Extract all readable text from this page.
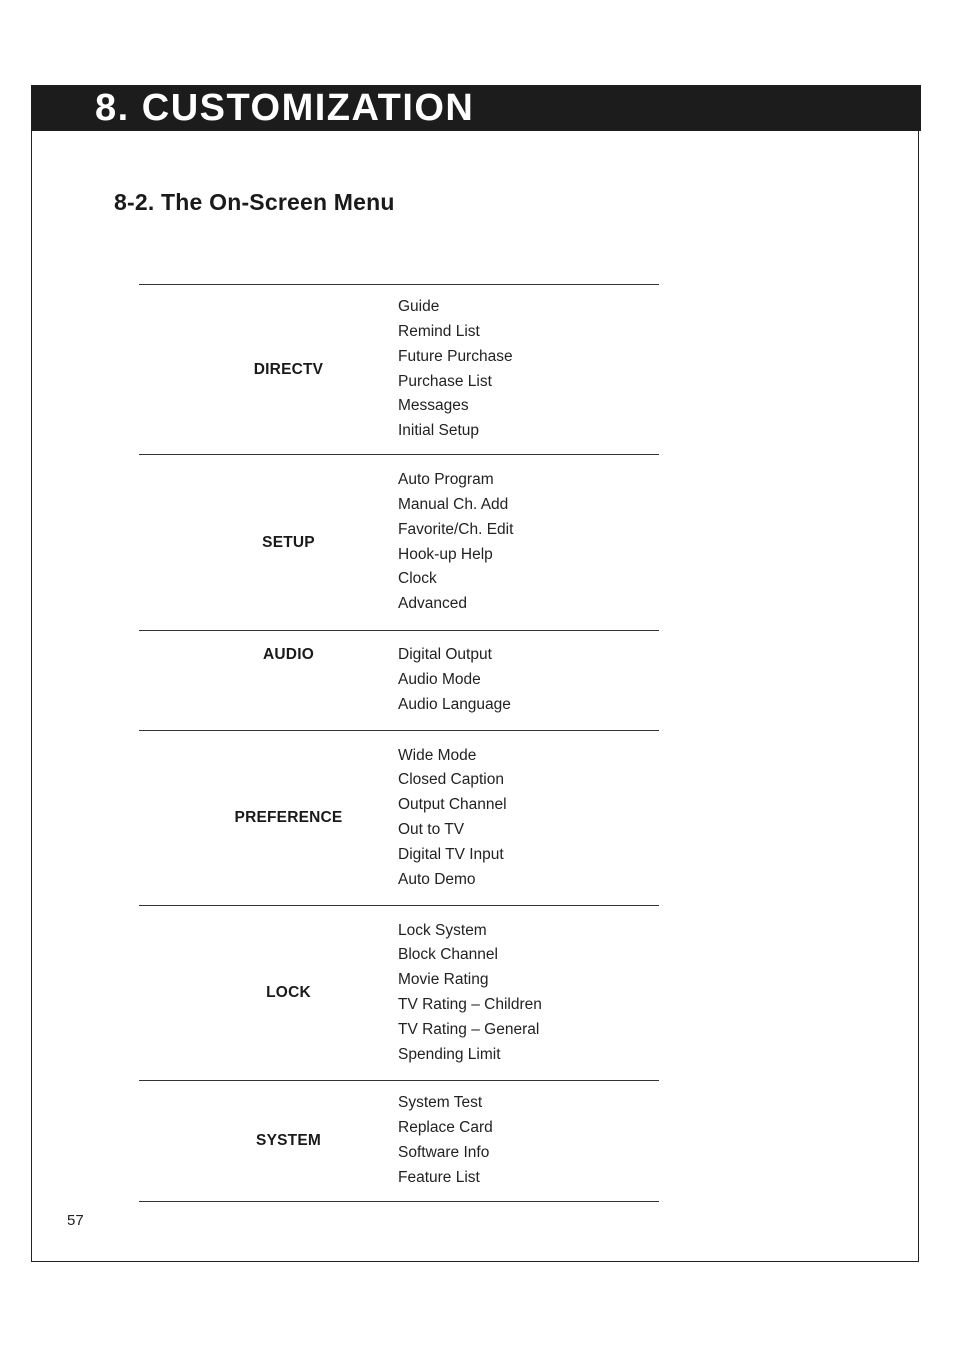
8. CUSTOMIZATION
8-2. The On-Screen Menu
DIRECTV
Guide
Remind List
Future Purchase
Purchase List
Messages
Initial Setup
SETUP
Auto Program
Manual Ch. Add
Favorite/Ch. Edit
Hook-up Help
Clock
Advanced
AUDIO	Digital Output
Audio Mode
Audio Language
PREFERENCE
Wide Mode
Closed Caption
Output Channel
Out to TV
Digital TV Input
Auto Demo
LOCK
Lock System
Block Channel
Movie Rating
TV Rating – Children
TV Rating – General
Spending Limit
SYSTEM
System Test
Replace Card
Software Info
Feature List
57
